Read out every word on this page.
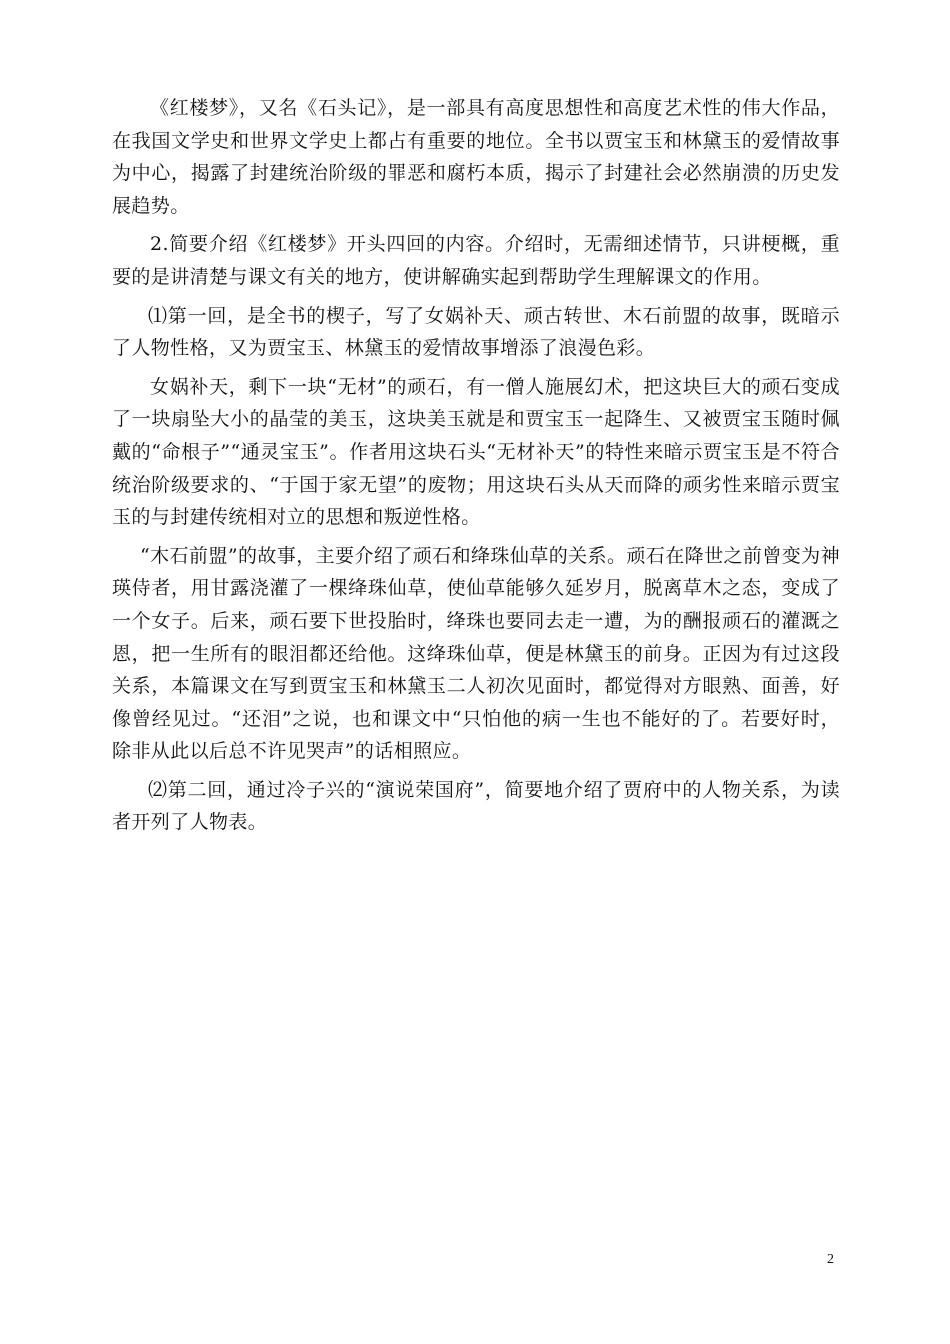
《红楼梦》，又名《石头记》，是一部具有高度思想性和高度艺术性的伟大作品，在我国文学史和世界文学史上都占有重要的地位。全书以贾宝玉和林黛玉的爱情故事为中心，揭露了封建统治阶级的罪恶和腐朽本质，揭示了封建社会必然崩溃的历史发展趋势。

2.简要介绍《红楼梦》开头四回的内容。介绍时，无需细述情节，只讲梗概，重要的是讲清楚与课文有关的地方，使讲解确实起到帮助学生理解课文的作用。

⑴第一回，是全书的楔子，写了女娲补天、顽古转世、木石前盟的故事，既暗示了人物性格，又为贾宝玉、林黛玉的爱情故事增添了浪漫色彩。

女娲补天，剩下一块“无材”的顽石，有一僧人施展幻术，把这块巨大的顽石变成了一块扇坠大小的晶莹的美玉，这块美玉就是和贾宝玉一起降生、又被贾宝玉随时佩戴的“命根子”“通灵宝玉”。作者用这块石头“无材补天”的特性来暗示贾宝玉是不符合统治阶级要求的、“于国于家无望”的废物；用这块石头从天而降的顽劣性来暗示贾宝玉的与封建传统相对立的思想和叛逆性格。

“木石前盟”的故事，主要介绍了顽石和绛珠仙草的关系。顽石在降世之前曾变为神瑛侍者，用甘露浇灌了一棵绛珠仙草，使仙草能够久延岁月，脱离草木之态，变成了一个女子。后来，顽石要下世投胎时，绛珠也要同去走一遭，为的酬报顽石的灌溉之恩，把一生所有的眼泪都还给他。这绛珠仙草，便是林黛玉的前身。正因为有过这段关系，本篇课文在写到贾宝玉和林黛玉二人初次见面时，都觉得对方眼熟、面善，好像曾经见过。“还泪”之说，也和课文中“只怕他的病一生也不能好的了。若要好时，除非从此以后总不许见哭声”的话相照应。

⑵第二回，通过冷子兴的“演说荣国府”，简要地介绍了贾府中的人物关系，为读者开列了人物表。

2
